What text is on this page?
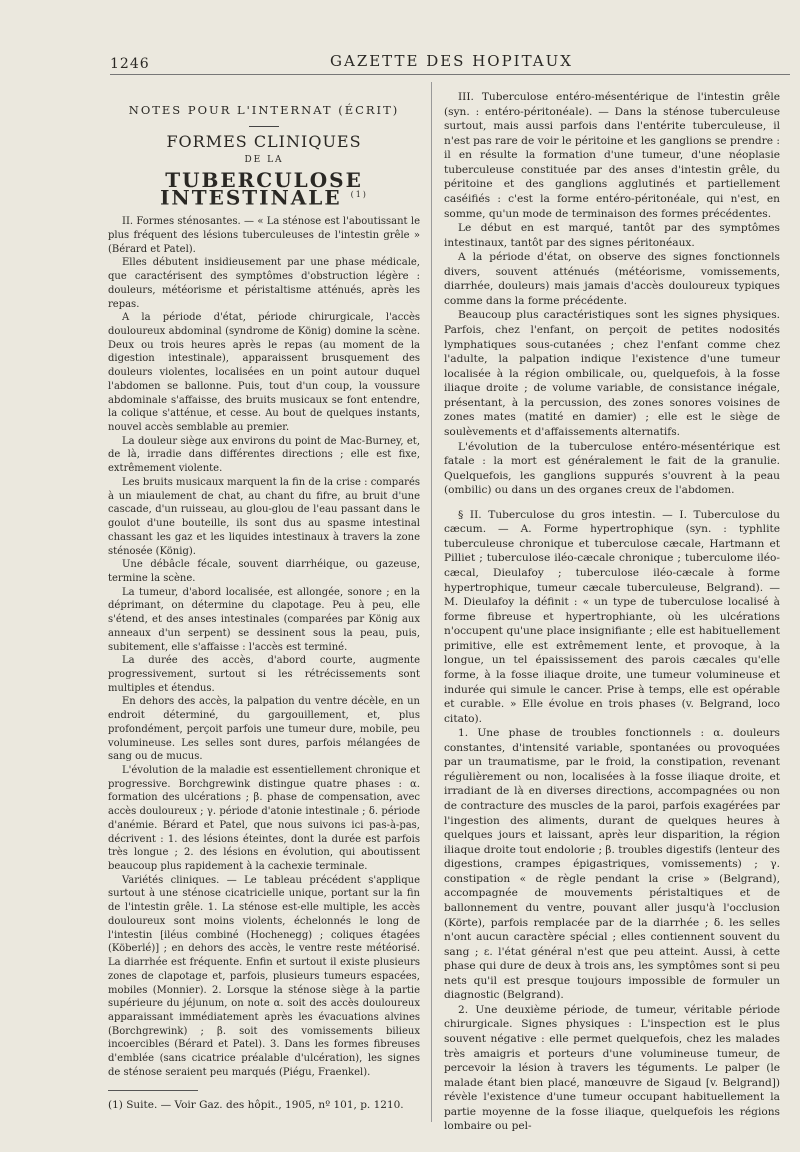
1246	GAZETTE DES HOPITAUX
NOTES POUR L'INTERNAT (ÉCRIT)
FORMES CLINIQUES
DE LA
TUBERCULOSE INTESTINALE $^{(1)}$

II. Formes sténosantes. — « La sténose est l'aboutissant le plus fréquent des lésions tuberculeuses de l'intestin grêle » (Bérard et Patel).

Elles débutent insidieusement par une phase médicale, que caractérisent des symptômes d'obstruction légère : douleurs, météorisme et péristaltisme atténués, après les repas.

A la période d'état, période chirurgicale, l'accès douloureux abdominal (syndrome de König) domine la scène. Deux ou trois heures après le repas (au moment de la digestion intestinale), apparaissent brusquement des douleurs violentes, localisées en un point autour duquel l'abdomen se ballonne. Puis, tout d'un coup, la voussure abdominale s'affaisse, des bruits musicaux se font entendre, la colique s'atténue, et cesse. Au bout de quelques instants, nouvel accès semblable au premier.

La douleur siège aux environs du point de Mac-Burney, et, de là, irradie dans différentes directions ; elle est fixe, extrêmement violente.

Les bruits musicaux marquent la fin de la crise : comparés à un miaulement de chat, au chant du fifre, au bruit d'une cascade, d'un ruisseau, au glou-glou de l'eau passant dans le goulot d'une bouteille, ils sont dus au spasme intestinal chassant les gaz et les liquides intestinaux à travers la zone sténosée (König).

Une débâcle fécale, souvent diarrhéique, ou gazeuse, termine la scène.

La tumeur, d'abord localisée, est allongée, sonore ; en la déprimant, on détermine du clapotage. Peu à peu, elle s'étend, et des anses intestinales (comparées par König aux anneaux d'un serpent) se dessinent sous la peau, puis, subitement, elle s'affaisse : l'accès est terminé.

La durée des accès, d'abord courte, augmente progressivement, surtout si les rétrécissements sont multiples et étendus.

En dehors des accès, la palpation du ventre décèle, en un endroit déterminé, du gargouillement, et, plus profondément, perçoit parfois une tumeur dure, mobile, peu volumineuse. Les selles sont dures, parfois mélangées de sang ou de mucus.

L'évolution de la maladie est essentiellement chronique et progressive. Borchgrewink distingue quatre phases : α. formation des ulcérations ; β. phase de compensation, avec accès douloureux ; γ. période d'atonie intestinale ; δ. période d'anémie. Bérard et Patel, que nous suivons ici pas-à-pas, décrivent : 1. des lésions éteintes, dont la durée est parfois très longue ; 2. des lésions en évolution, qui aboutissent beaucoup plus rapidement à la cachexie terminale.

Variétés cliniques. — Le tableau précédent s'applique surtout à une sténose cicatricielle unique, portant sur la fin de l'intestin grêle. 1. La sténose est-elle multiple, les accès douloureux sont moins violents, échelonnés le long de l'intestin [iléus combiné (Hochenegg) ; coliques étagées (Köberlé)] ; en dehors des accès, le ventre reste météorisé. La diarrhée est fréquente. Enfin et surtout il existe plusieurs zones de clapotage et, parfois, plusieurs tumeurs espacées, mobiles (Monnier). 2. Lorsque la sténose siège à la partie supérieure du jéjunum, on note α. soit des accès douloureux apparaissant immédiatement après les évacuations alvines (Borchgrewink) ; β. soit des vomissements bilieux incoercibles (Bérard et Patel). 3. Dans les formes fibreuses d'emblée (sans cicatrice préalable d'ulcération), les signes de sténose seraient peu marqués (Piégu, Fraenkel).

(1) Suite. — Voir Gaz. des hôpit., 1905, nº 101, p. 1210.

III. Tuberculose entéro-mésentérique de l'intestin grêle (syn. : entéro-péritonéale). — Dans la sténose tuberculeuse surtout, mais aussi parfois dans l'entérite tuberculeuse, il n'est pas rare de voir le péritoine et les ganglions se prendre : il en résulte la formation d'une tumeur, d'une néoplasie tuberculeuse constituée par des anses d'intestin grêle, du péritoine et des ganglions agglutinés et partiellement caséifiés : c'est la forme entéro-péritonéale, qui n'est, en somme, qu'un mode de terminaison des formes précédentes.

Le début en est marqué, tantôt par des symptômes intestinaux, tantôt par des signes péritonéaux.

A la période d'état, on observe des signes fonctionnels divers, souvent atténués (météorisme, vomissements, diarrhée, douleurs) mais jamais d'accès douloureux typiques comme dans la forme précédente.

Beaucoup plus caractéristiques sont les signes physiques. Parfois, chez l'enfant, on perçoit de petites nodosités lymphatiques sous-cutanées ; chez l'enfant comme chez l'adulte, la palpation indique l'existence d'une tumeur localisée à la région ombilicale, ou, quelquefois, à la fosse iliaque droite ; de volume variable, de consistance inégale, présentant, à la percussion, des zones sonores voisines de zones mates (matité en damier) ; elle est le siège de soulèvements et d'affaissements alternatifs.

L'évolution de la tuberculose entéro-mésentérique est fatale : la mort est généralement le fait de la granulie. Quelquefois, les ganglions suppurés s'ouvrent à la peau (ombilic) ou dans un des organes creux de l'abdomen.

§ II. Tuberculose du gros intestin. — I. Tuberculose du cæcum. — A. Forme hypertrophique (syn. : typhlite tuberculeuse chronique et tuberculose cæcale, Hartmann et Pilliet ; tuberculose iléo-cæcale chronique ; tuberculome iléo-cæcal, Dieulafoy ; tuberculose iléo-cæcale à forme hypertrophique, tumeur cæcale tuberculeuse, Belgrand). — M. Dieulafoy la définit : « un type de tuberculose localisé à forme fibreuse et hypertrophiante, où les ulcérations n'occupent qu'une place insignifiante ; elle est habituellement primitive, elle est extrêmement lente, et provoque, à la longue, un tel épaississement des parois cæcales qu'elle forme, à la fosse iliaque droite, une tumeur volumineuse et indurée qui simule le cancer. Prise à temps, elle est opérable et curable. » Elle évolue en trois phases (v. Belgrand, loco citato).

1. Une phase de troubles fonctionnels : α. douleurs constantes, d'intensité variable, spontanées ou provoquées par un traumatisme, par le froid, la constipation, revenant régulièrement ou non, localisées à la fosse iliaque droite, et irradiant de là en diverses directions, accompagnées ou non de contracture des muscles de la paroi, parfois exagérées par l'ingestion des aliments, durant de quelques heures à quelques jours et laissant, après leur disparition, la région iliaque droite tout endolorie ; β. troubles digestifs (lenteur des digestions, crampes épigastriques, vomissements) ; γ. constipation « de règle pendant la crise » (Belgrand), accompagnée de mouvements péristaltiques et de ballonnement du ventre, pouvant aller jusqu'à l'occlusion (Körte), parfois remplacée par de la diarrhée ; δ. les selles n'ont aucun caractère spécial ; elles contiennent souvent du sang ; ε. l'état général n'est que peu atteint. Aussi, à cette phase qui dure de deux à trois ans, les symptômes sont si peu nets qu'il est presque toujours impossible de formuler un diagnostic (Belgrand).

2. Une deuxième période, de tumeur, véritable période chirurgicale. Signes physiques : L'inspection est le plus souvent négative : elle permet quelquefois, chez les malades très amaigris et porteurs d'une volumineuse tumeur, de percevoir la lésion à travers les téguments. Le palper (le malade étant bien placé, manœuvre de Sigaud [v. Belgrand]) révèle l'existence d'une tumeur occupant habituellement la partie moyenne de la fosse iliaque, quelquefois les régions lombaire ou pel-
